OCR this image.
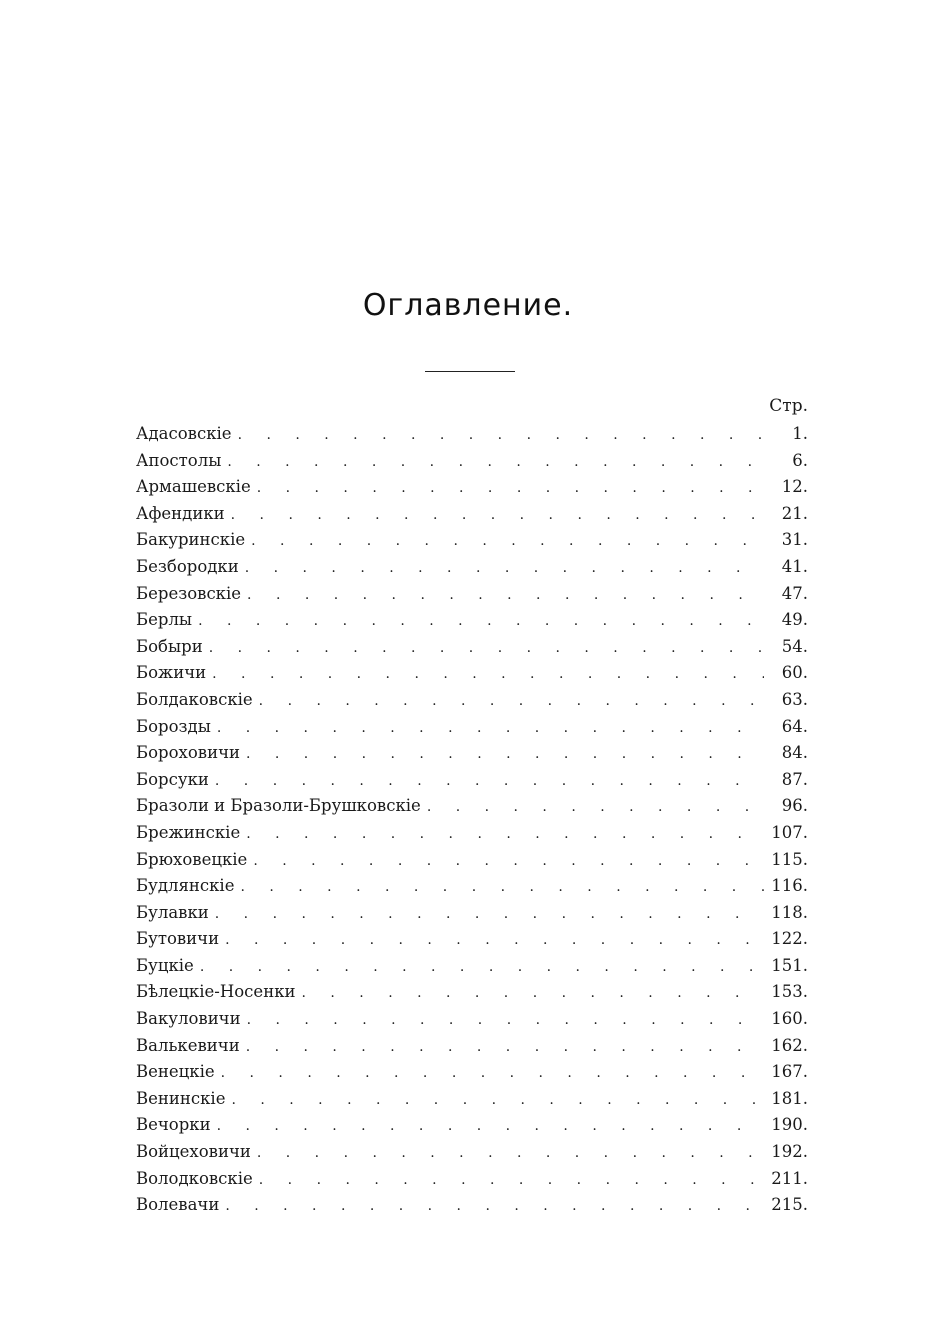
Оглавление.
Стр.
Адасовскіе . . .	1.
Апостолы . . .	6.
Армашевскіе . . .	12.
Афендики . . .	21.
Бакуринскіе . . .	31.
Безбородки . . .	41.
Березовскіе . . .	47.
Берлы . . .	49.
Бобыри . . .	54.
Божичи . . .	60.
Болдаковскіе . . .	63.
Борозды . . .	64.
Бороховичи . . .	84.
Борсуки . . .	87.
Бразоли и Бразоли-Брушковскіе . . .	96.
Брежинскіе . . .	107.
Брюховецкіе . . .	115.
Будлянскіе . . .	116.
Булавки . . .	118.
Бутовичи . . .	122.
Буцкіе . . .	151.
Бѣлецкіе-Носенки . . .	153.
Вакуловичи . . .	160.
Валькевичи . . .	162.
Венецкіе . . .	167.
Венинскіе . . .	181.
Вечорки . . .	190.
Войцеховичи . . .	192.
Володковскіе . . .	211.
Волевачи . . .	215.
